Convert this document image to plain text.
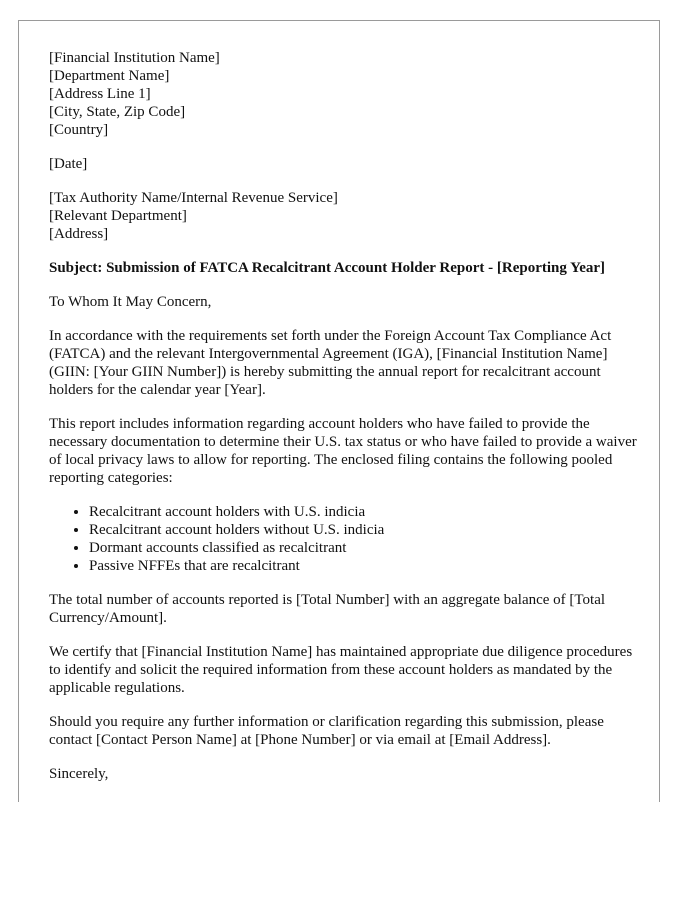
[Financial Institution Name]
[Department Name]
[Address Line 1]
[City, State, Zip Code]
[Country]

[Date]

[Tax Authority Name/Internal Revenue Service]
[Relevant Department]
[Address]

Subject: Submission of FATCA Recalcitrant Account Holder Report - [Reporting Year]

To Whom It May Concern,

In accordance with the requirements set forth under the Foreign Account Tax Compliance Act (FATCA) and the relevant Intergovernmental Agreement (IGA), [Financial Institution Name] (GIIN: [Your GIIN Number]) is hereby submitting the annual report for recalcitrant account holders for the calendar year [Year].

This report includes information regarding account holders who have failed to provide the necessary documentation to determine their U.S. tax status or who have failed to provide a waiver of local privacy laws to allow for reporting. The enclosed filing contains the following pooled reporting categories:

• Recalcitrant account holders with U.S. indicia
• Recalcitrant account holders without U.S. indicia
• Dormant accounts classified as recalcitrant
• Passive NFFEs that are recalcitrant

The total number of accounts reported is [Total Number] with an aggregate balance of [Total Currency/Amount].

We certify that [Financial Institution Name] has maintained appropriate due diligence procedures to identify and solicit the required information from these account holders as mandated by the applicable regulations.

Should you require any further information or clarification regarding this submission, please contact [Contact Person Name] at [Phone Number] or via email at [Email Address].

Sincerely,
